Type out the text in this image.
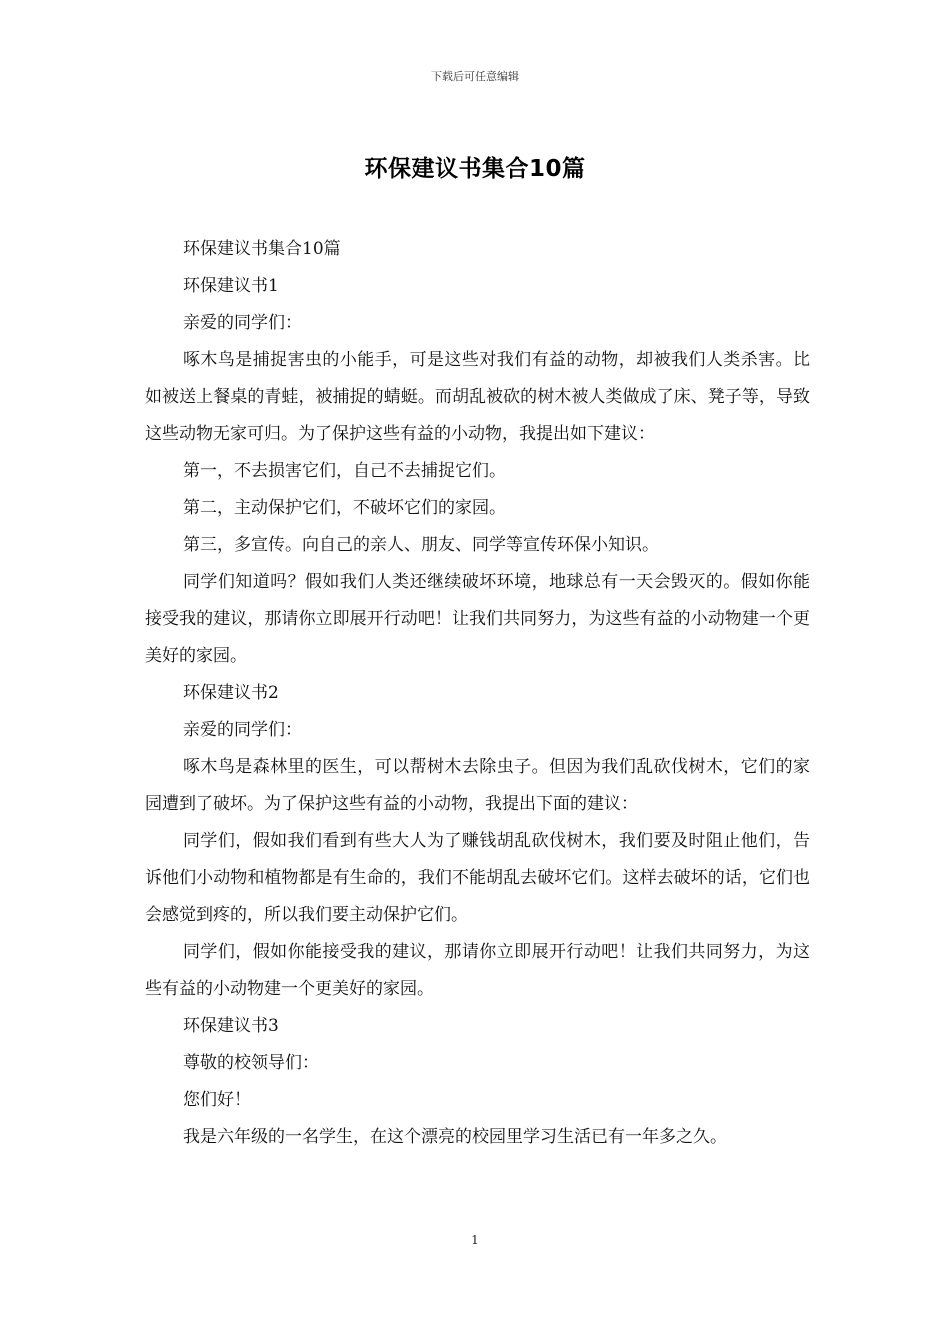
下载后可任意编辑
环保建议书集合10篇

环保建议书集合10篇

环保建议书1

亲爱的同学们：

啄木鸟是捕捉害虫的小能手，可是这些对我们有益的动物，却被我们人类杀害。比如被送上餐桌的青蛙，被捕捉的蜻蜓。而胡乱被砍的树木被人类做成了床、凳子等，导致这些动物无家可归。为了保护这些有益的小动物，我提出如下建议：

第一，不去损害它们，自己不去捕捉它们。

第二，主动保护它们，不破坏它们的家园。

第三，多宣传。向自己的亲人、朋友、同学等宣传环保小知识。

同学们知道吗？假如我们人类还继续破坏环境，地球总有一天会毁灭的。假如你能接受我的建议，那请你立即展开行动吧！让我们共同努力，为这些有益的小动物建一个更美好的家园。

环保建议书2

亲爱的同学们：

啄木鸟是森林里的医生，可以帮树木去除虫子。但因为我们乱砍伐树木，它们的家园遭到了破坏。为了保护这些有益的小动物，我提出下面的建议：

同学们，假如我们看到有些大人为了赚钱胡乱砍伐树木，我们要及时阻止他们，告诉他们小动物和植物都是有生命的，我们不能胡乱去破坏它们。这样去破坏的话，它们也会感觉到疼的，所以我们要主动保护它们。

同学们，假如你能接受我的建议，那请你立即展开行动吧！让我们共同努力，为这些有益的小动物建一个更美好的家园。

环保建议书3

尊敬的校领导们：

您们好！

我是六年级的一名学生，在这个漂亮的校园里学习生活已有一年多之久。

1
